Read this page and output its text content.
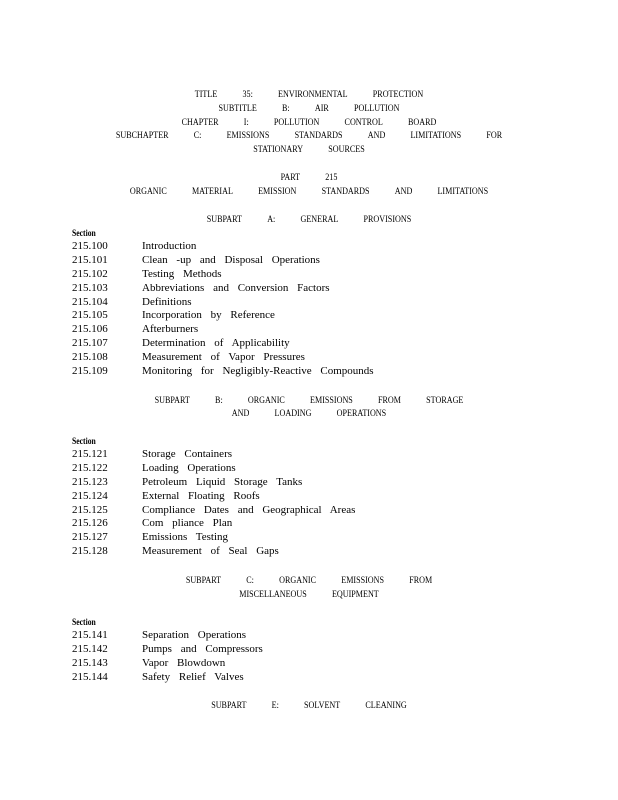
TITLE	35:	ENVIRONMENTAL	PROTECTION
SUBTITLE	B:	AIR	POLLUTION
CHAPTER	I:	POLLUTION	CONTROL	BOARD
SUBCHAPTER	C:	EMISSIONS	STANDARDS	AND	LIMITATIONS	FOR
STATIONARY	SOURCES
PART	215
ORGANIC	MATERIAL	EMISSION	STANDARDS	AND	LIMITATIONS
SUBPART	A:	GENERAL	PROVISIONS
Section
215.100	Introduction
215.101	Clean -up and Disposal Operations
215.102	Testing Methods
215.103	Abbreviations and Conversion Factors
215.104	Definitions
215.105	Incorporation by Reference
215.106	Afterburners
215.107	Determination of Applicability
215.108	Measurement of Vapor Pressures
215.109	Monitoring for Negligibly-Reactive Compounds
SUBPART	B:	ORGANIC	EMISSIONS	FROM	STORAGE
AND	LOADING	OPERATIONS
Section
215.121	Storage Containers
215.122	Loading Operations
215.123	Petroleum Liquid Storage Tanks
215.124	External Floating Roofs
215.125	Compliance Dates and Geographical Areas
215.126	Com pliance Plan
215.127	Emissions Testing
215.128	Measurement of Seal Gaps
SUBPART	C:	ORGANIC	EMISSIONS	FROM
MISCELLANEOUS	EQUIPMENT
Section
215.141	Separation Operations
215.142	Pumps and Compressors
215.143	Vapor Blowdown
215.144	Safety Relief Valves
SUBPART	E:	SOLVENT	CLEANING
